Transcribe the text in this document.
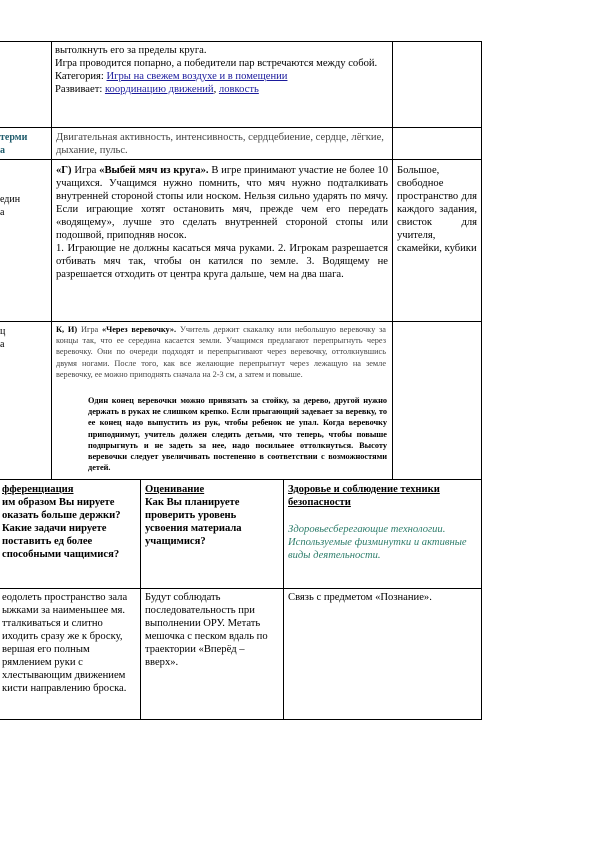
вытолкнуть его за пределы круга.

Игра проводится попарно, а победители пар встречаются между собой.

Категория: Игры на свежем воздухе и в помещении

Развивает: координацию движений, ловкость

терми

а

Двигательная активность, интенсивность, сердцебиение, сердце, лёгкие, дыхание, пульс.

един

а

«Г) Игра «Выбей мяч из круга». В игре принимают участие не более 10 учащихся. Учащимся нужно помнить, что мяч нужно подталкивать внутренней стороной стопы или носком. Нельзя сильно ударять по мячу. Если играющие хотят остановить мяч, прежде чем его передать «водящему», лучше это сделать внутренней стороной стопы или подошвой, приподняв носок.

1. Играющие не должны касаться мяча руками. 2. Игрокам разрешается отбивать мяч так, чтобы он катился по земле. 3. Водящему не разрешается отходить от центра круга дальше, чем на два шага.

Большое, свободное пространство для каждого задания, свисток для учителя, скамейки, кубики

ц

а

К, И) Игра «Через веревочку». Учитель держит скакалку или небольшую веревочку за концы так, что ее середина касается земли. Учащимся предлагают перепрыгнуть через веревочку. Они по очереди подходят и перепрыгивают через веревочку, оттолкнувшись двумя ногами. После того, как все желающие перепрыгнут через лежащую на земле веревочку, ее можно приподнять сначала на 2-3 см, а затем и повыше.

Один конец веревочки можно привязать за стойку, за дерево, другой нужно держать в руках не слишком крепко. Если прыгающий задевает за веревку, то ее конец надо выпустить из рук, чтобы ребенок не упал. Когда веревочку приподнимут, учитель должен следить детьми, что теперь, чтобы повыше подпрыгнуть и не задеть за нее, надо посильнее оттолкнуться. Высоту веревочки следует увеличивать постепенно в соответствии с возможностями детей.

фференциация

им образом Вы нируете оказать больше держки? Какие задачи нируете поставить ед более способными чащимися?

Оценивание

Как Вы планируете проверить уровень усвоения материала учащимися?

Здоровье и соблюдение техники безопасности

Здоровьесберегающие технологии. Используемые физминутки и активные виды деятельности.

еодолеть пространство зала ыжками за наименьшее мя. тталкиваться и слитно иходить сразу же к броску, вершая его полным рямлением руки с хлестывающим движением кисти направлению броска.
Будут соблюдать последовательность при выполнении ОРУ. Метать мешочка с песком вдаль по траектории «Вперёд – вверх».
Связь с предметом «Познание».
